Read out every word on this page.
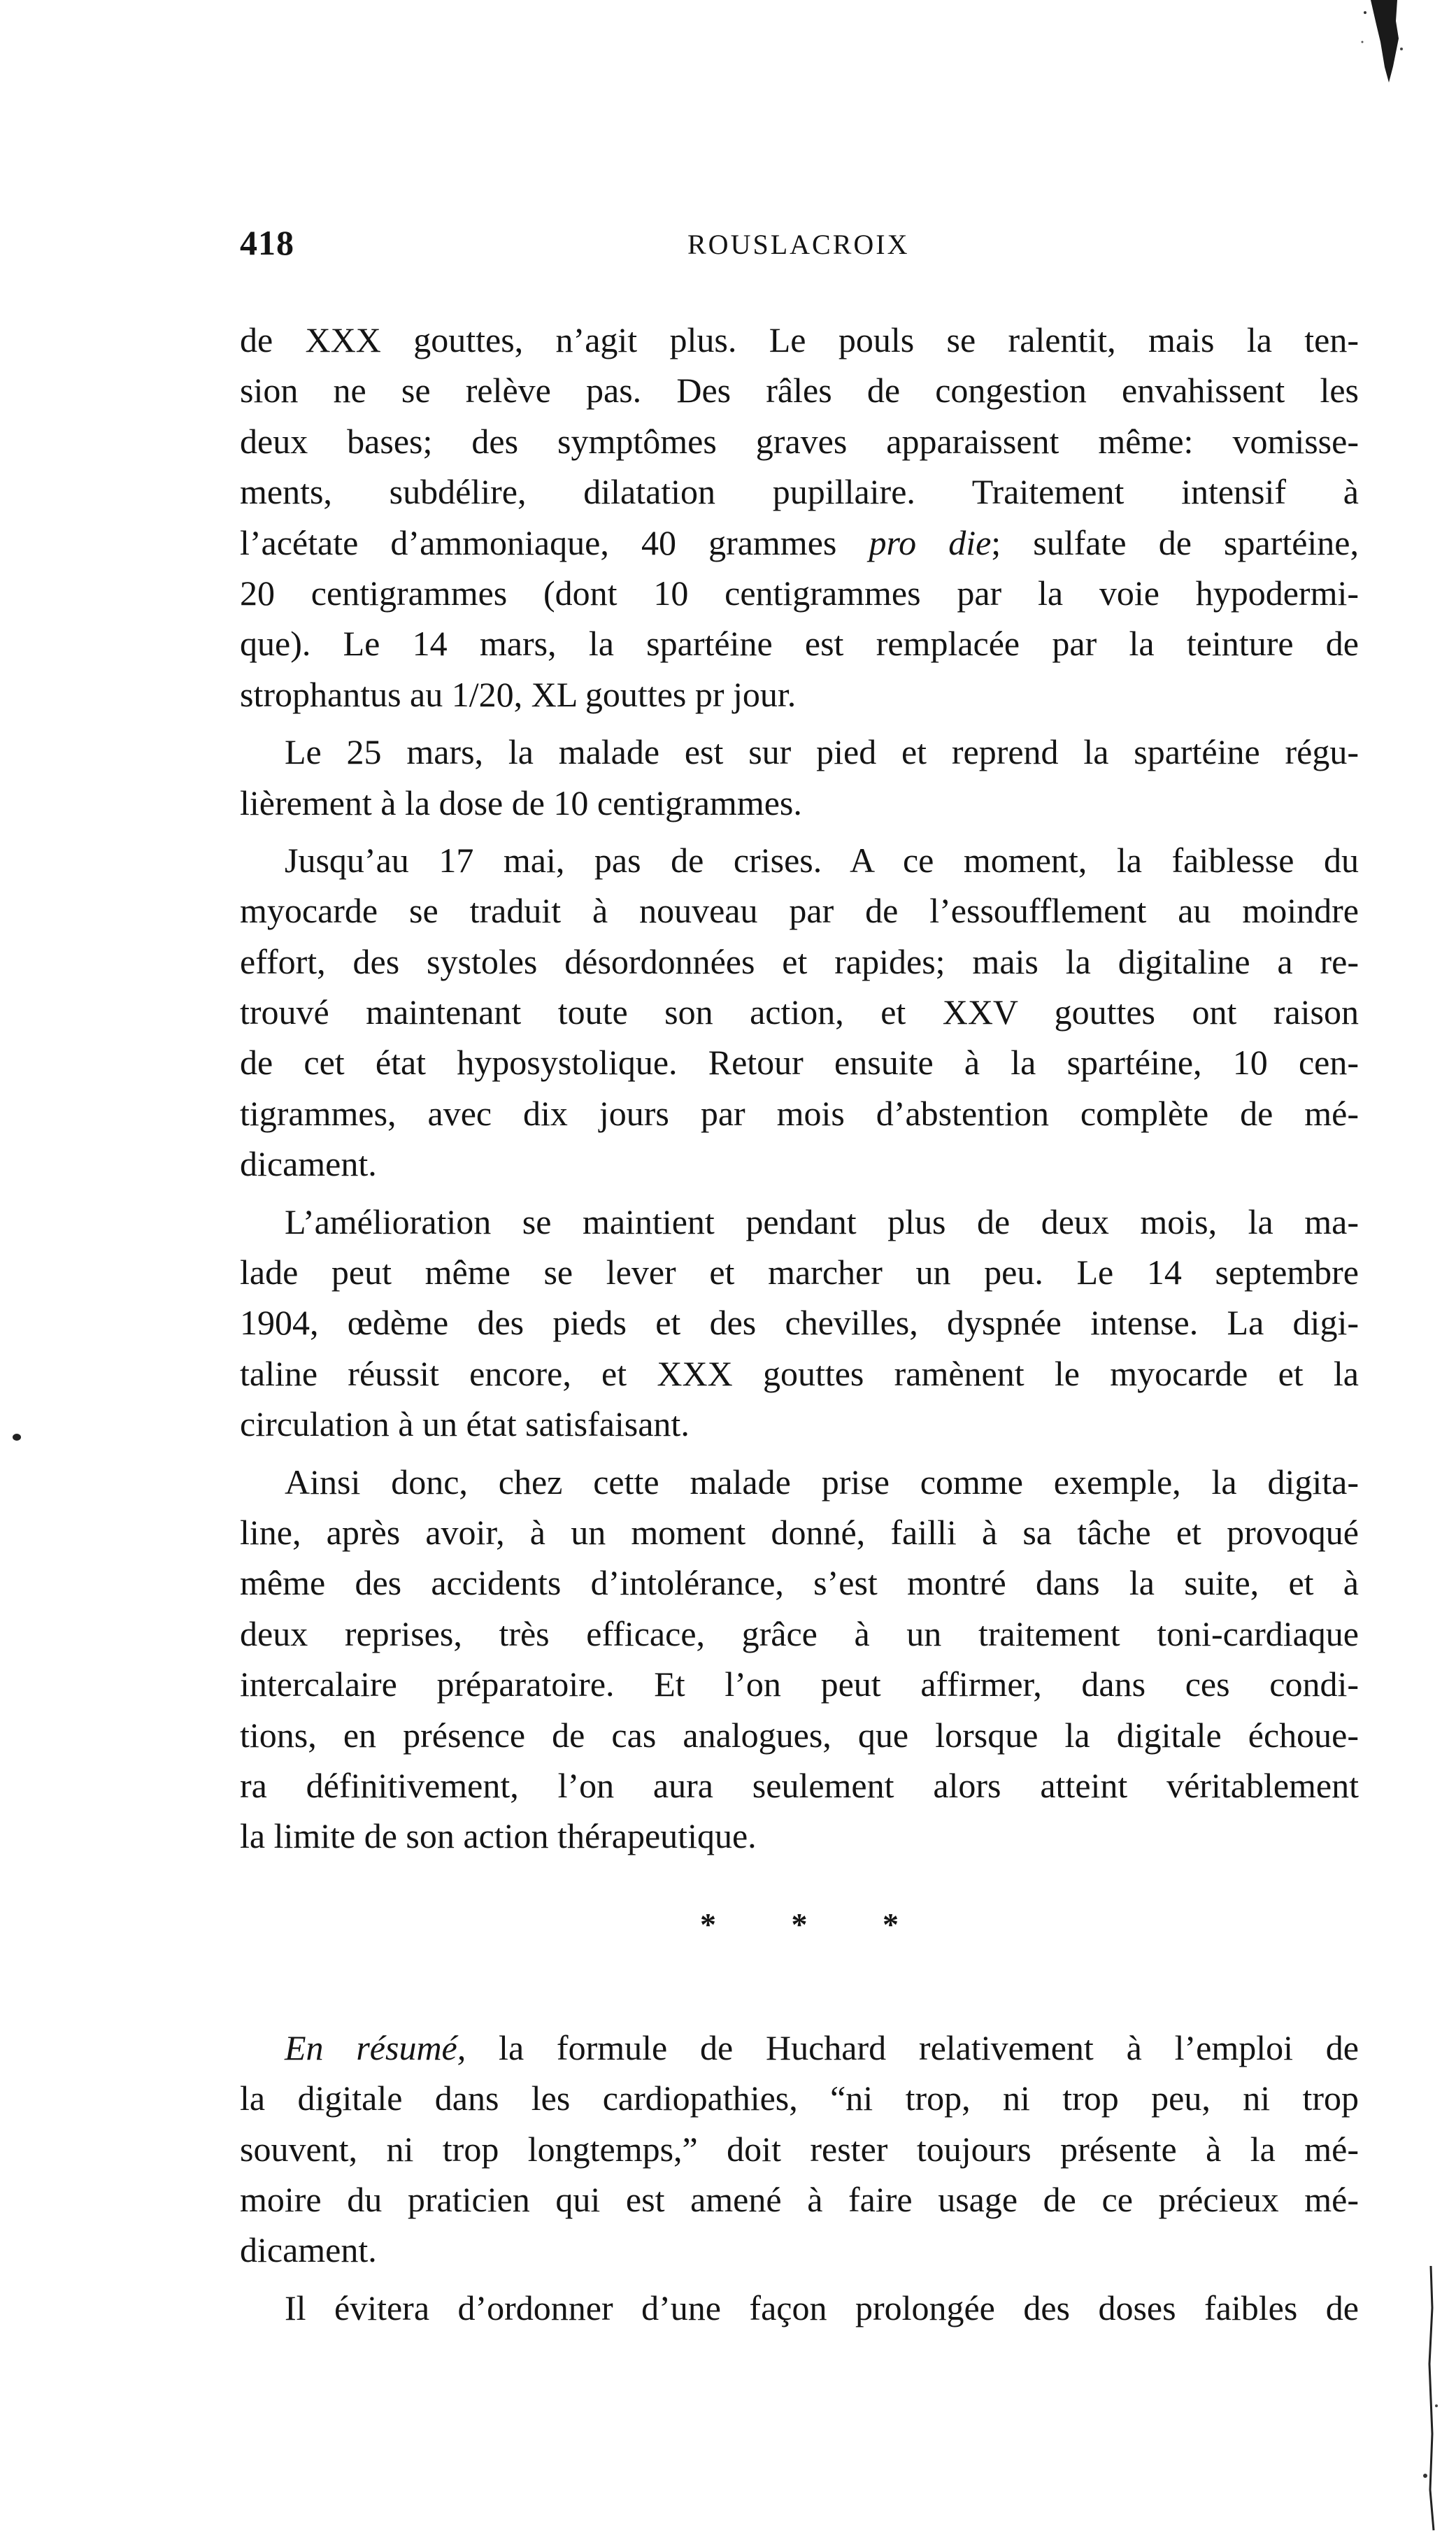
418	ROUSLACROIX
de XXX gouttes, n’agit plus. Le pouls se ralentit, mais la ten-
sion ne se relève pas. Des râles de congestion envahissent les
deux bases; des symptômes graves apparaissent même: vomisse-
ments, subdélire, dilatation pupillaire. Traitement intensif à
l’acétate d’ammoniaque, 40 grammes pro die; sulfate de spartéine,
20 centigrammes (dont 10 centigrammes par la voie hypodermi-
que). Le 14 mars, la spartéine est remplacée par la teinture de
strophantus au 1/20, XL gouttes pr jour.
Le 25 mars, la malade est sur pied et reprend la spartéine régu-
lièrement à la dose de 10 centigrammes.
Jusqu’au 17 mai, pas de crises. A ce moment, la faiblesse du
myocarde se traduit à nouveau par de l’essoufflement au moindre
effort, des systoles désordonnées et rapides; mais la digitaline a re-
trouvé maintenant toute son action, et XXV gouttes ont raison
de cet état hyposystolique. Retour ensuite à la spartéine, 10 cen-
tigrammes, avec dix jours par mois d’abstention complète de mé-
dicament.
L’amélioration se maintient pendant plus de deux mois, la ma-
lade peut même se lever et marcher un peu. Le 14 septembre
1904, œdème des pieds et des chevilles, dyspnée intense. La digi-
taline réussit encore, et XXX gouttes ramènent le myocarde et la
circulation à un état satisfaisant.
Ainsi donc, chez cette malade prise comme exemple, la digita-
line, après avoir, à un moment donné, failli à sa tâche et provoqué
même des accidents d’intolérance, s’est montré dans la suite, et à
deux reprises, très efficace, grâce à un traitement toni-cardiaque
intercalaire préparatoire. Et l’on peut affirmer, dans ces condi-
tions, en présence de cas analogues, que lorsque la digitale échoue-
ra définitivement, l’on aura seulement alors atteint véritablement
la limite de son action thérapeutique.
* * *
En résumé, la formule de Huchard relativement à l’emploi de
la digitale dans les cardiopathies, “ni trop, ni trop peu, ni trop
souvent, ni trop longtemps,” doit rester toujours présente à la mé-
moire du praticien qui est amené à faire usage de ce précieux mé-
dicament.
Il évitera d’ordonner d’une façon prolongée des doses faibles de
